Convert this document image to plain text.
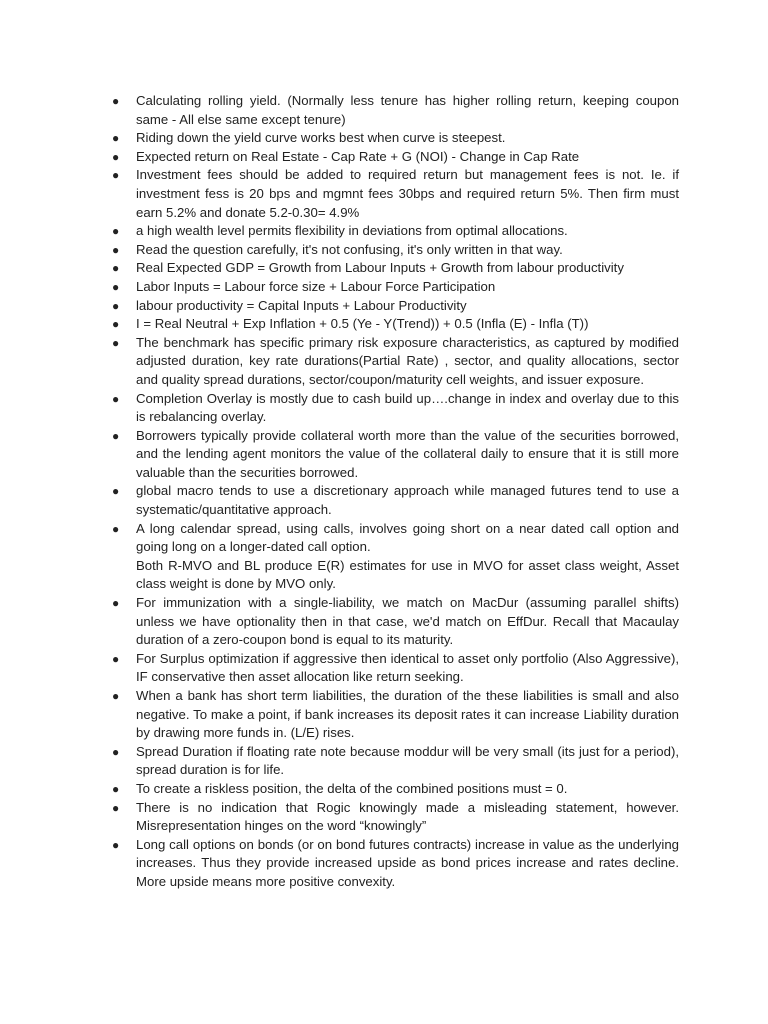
● Calculating rolling yield. (Normally less tenure has higher rolling return, keeping coupon same - All else same except tenure)
● Riding down the yield curve works best when curve is steepest.
● Expected return on Real Estate - Cap Rate + G (NOI) - Change in Cap Rate
● Investment fees should be added to required return but management fees is not. Ie. if investment fess is 20 bps and mgmnt fees 30bps and required return 5%. Then firm must earn 5.2% and donate 5.2-0.30= 4.9%
● a high wealth level permits flexibility in deviations from optimal allocations.
● Read the question carefully, it's not confusing, it's only written in that way.
● Real Expected GDP = Growth from Labour Inputs + Growth from labour productivity
● Labor Inputs = Labour force size + Labour Force Participation
● labour productivity = Capital Inputs + Labour Productivity
● I = Real Neutral + Exp Inflation + 0.5 (Ye - Y(Trend)) + 0.5 (Infla (E) - Infla (T))
● The benchmark has specific primary risk exposure characteristics, as captured by modified adjusted duration, key rate durations(Partial Rate) , sector, and quality allocations, sector and quality spread durations, sector/coupon/maturity cell weights, and issuer exposure.
● Completion Overlay is mostly due to cash build up….change in index and overlay due to this is rebalancing overlay.
● Borrowers typically provide collateral worth more than the value of the securities borrowed, and the lending agent monitors the value of the collateral daily to ensure that it is still more valuable than the securities borrowed.
● global macro tends to use a discretionary approach while managed futures tend to use a systematic/quantitative approach.
● A long calendar spread, using calls, involves going short on a near dated call option and going long on a longer-dated call option.
Both R-MVO and BL produce E(R) estimates for use in MVO for asset class weight, Asset class weight is done by MVO only.
● For immunization with a single-liability, we match on MacDur (assuming parallel shifts) unless we have optionality then in that case, we'd match on EffDur. Recall that Macaulay duration of a zero-coupon bond is equal to its maturity.
● For Surplus optimization if aggressive then identical to asset only portfolio (Also Aggressive), IF conservative then asset allocation like return seeking.
● When a bank has short term liabilities, the duration of the these liabilities is small and also negative. To make a point, if bank increases its deposit rates it can increase Liability duration by drawing more funds in. (L/E) rises.
● Spread Duration if floating rate note because moddur will be very small (its just for a period), spread duration is for life.
● To create a riskless position, the delta of the combined positions must = 0.
● There is no indication that Rogic knowingly made a misleading statement, however. Misrepresentation hinges on the word “knowingly”
● Long call options on bonds (or on bond futures contracts) increase in value as the underlying increases. Thus they provide increased upside as bond prices increase and rates decline. More upside means more positive convexity.
